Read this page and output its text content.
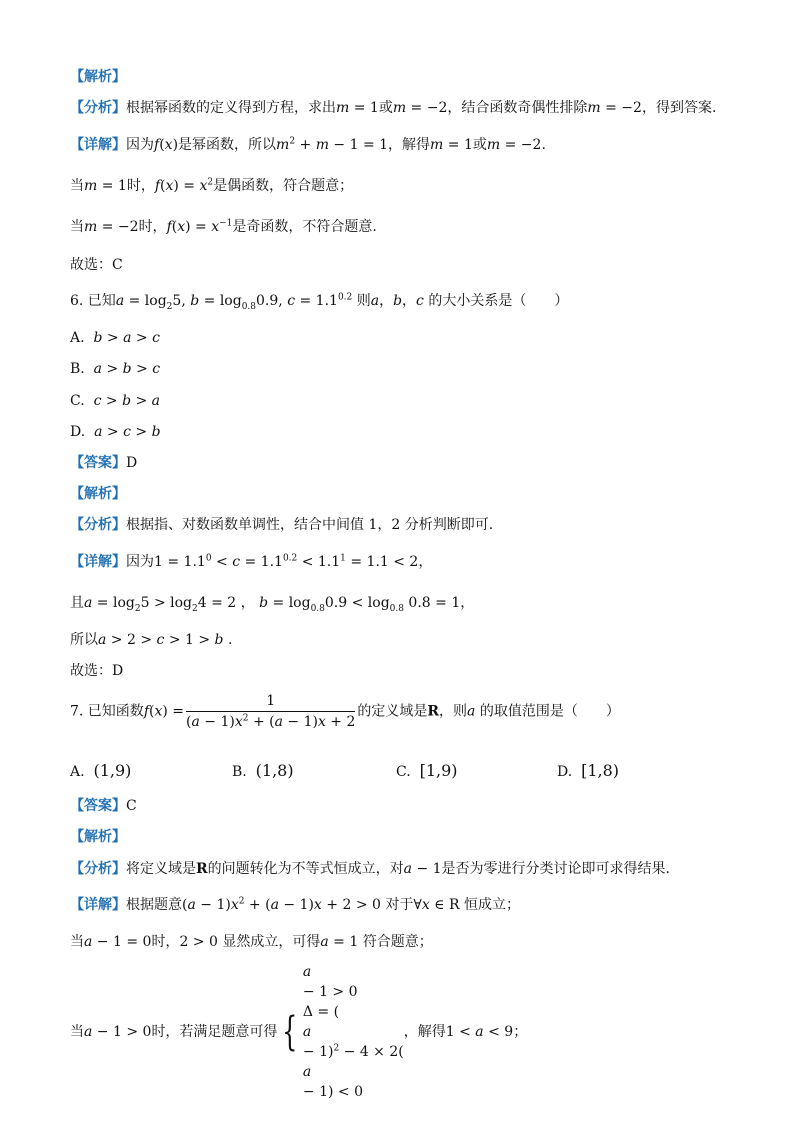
【解析】
【分析】根据幂函数的定义得到方程，求出m = 1或m = −2，结合函数奇偶性排除m = −2，得到答案.
【详解】因为f(x)是幂函数，所以$m^2 + m - 1 = 1$，解得m = 1或m = −2.
当m = 1时，$f(x) = x^2$是偶函数，符合题意；
当m = −2时，$f(x) = x^{-1}$是奇函数，不符合题意.
故选：C
6. 已知$a = \log_25$, $b = \log_{0.8}0.9$, $c = 1.1^{0.2}$ 则a，b，c 的大小关系是（　　）
A. b > a > c
B. a > b > c
C. c > b > a
D. a > c > b
【答案】D
【解析】
【分析】根据指、对数函数单调性，结合中间值 1，2 分析判断即可.
【详解】因为$1 = 1.1^0 < c = 1.1^{0.2} < 1.1^1 = 1.1 < 2$，
且$a = \log_25 > \log_24 = 2$ ， $b = \log_{0.8}0.9 < \log_{0.8} 0.8 = 1$，
所以a > 2 > c > 1 > b .
故选：D
7. 已知函数$f(x) = \frac{1}{(a - 1)x^2 + (a - 1)x + 2}$ 的定义域是R，则a 的取值范围是（　　）
A. (1,9)	B. (1,8)	C. [1,9)	D. [1,8)
【答案】C
【解析】
【分析】将定义域是R的问题转化为不等式恒成立，对a − 1是否为零进行分类讨论即可求得结果.
【详解】根据题意$(a - 1)x^2 + (a - 1)x + 2 > 0$ 对于∀x ∈ R 恒成立；
当a − 1 = 0时，2 > 0 显然成立，可得a = 1 符合题意；
当a − 1 > 0时，若满足题意可得 {
a
− 1 > 0
Δ = (
a
− 1)$^2$ − 4 × 2(
a
− 1) < 0
，解得1 < a < 9；
